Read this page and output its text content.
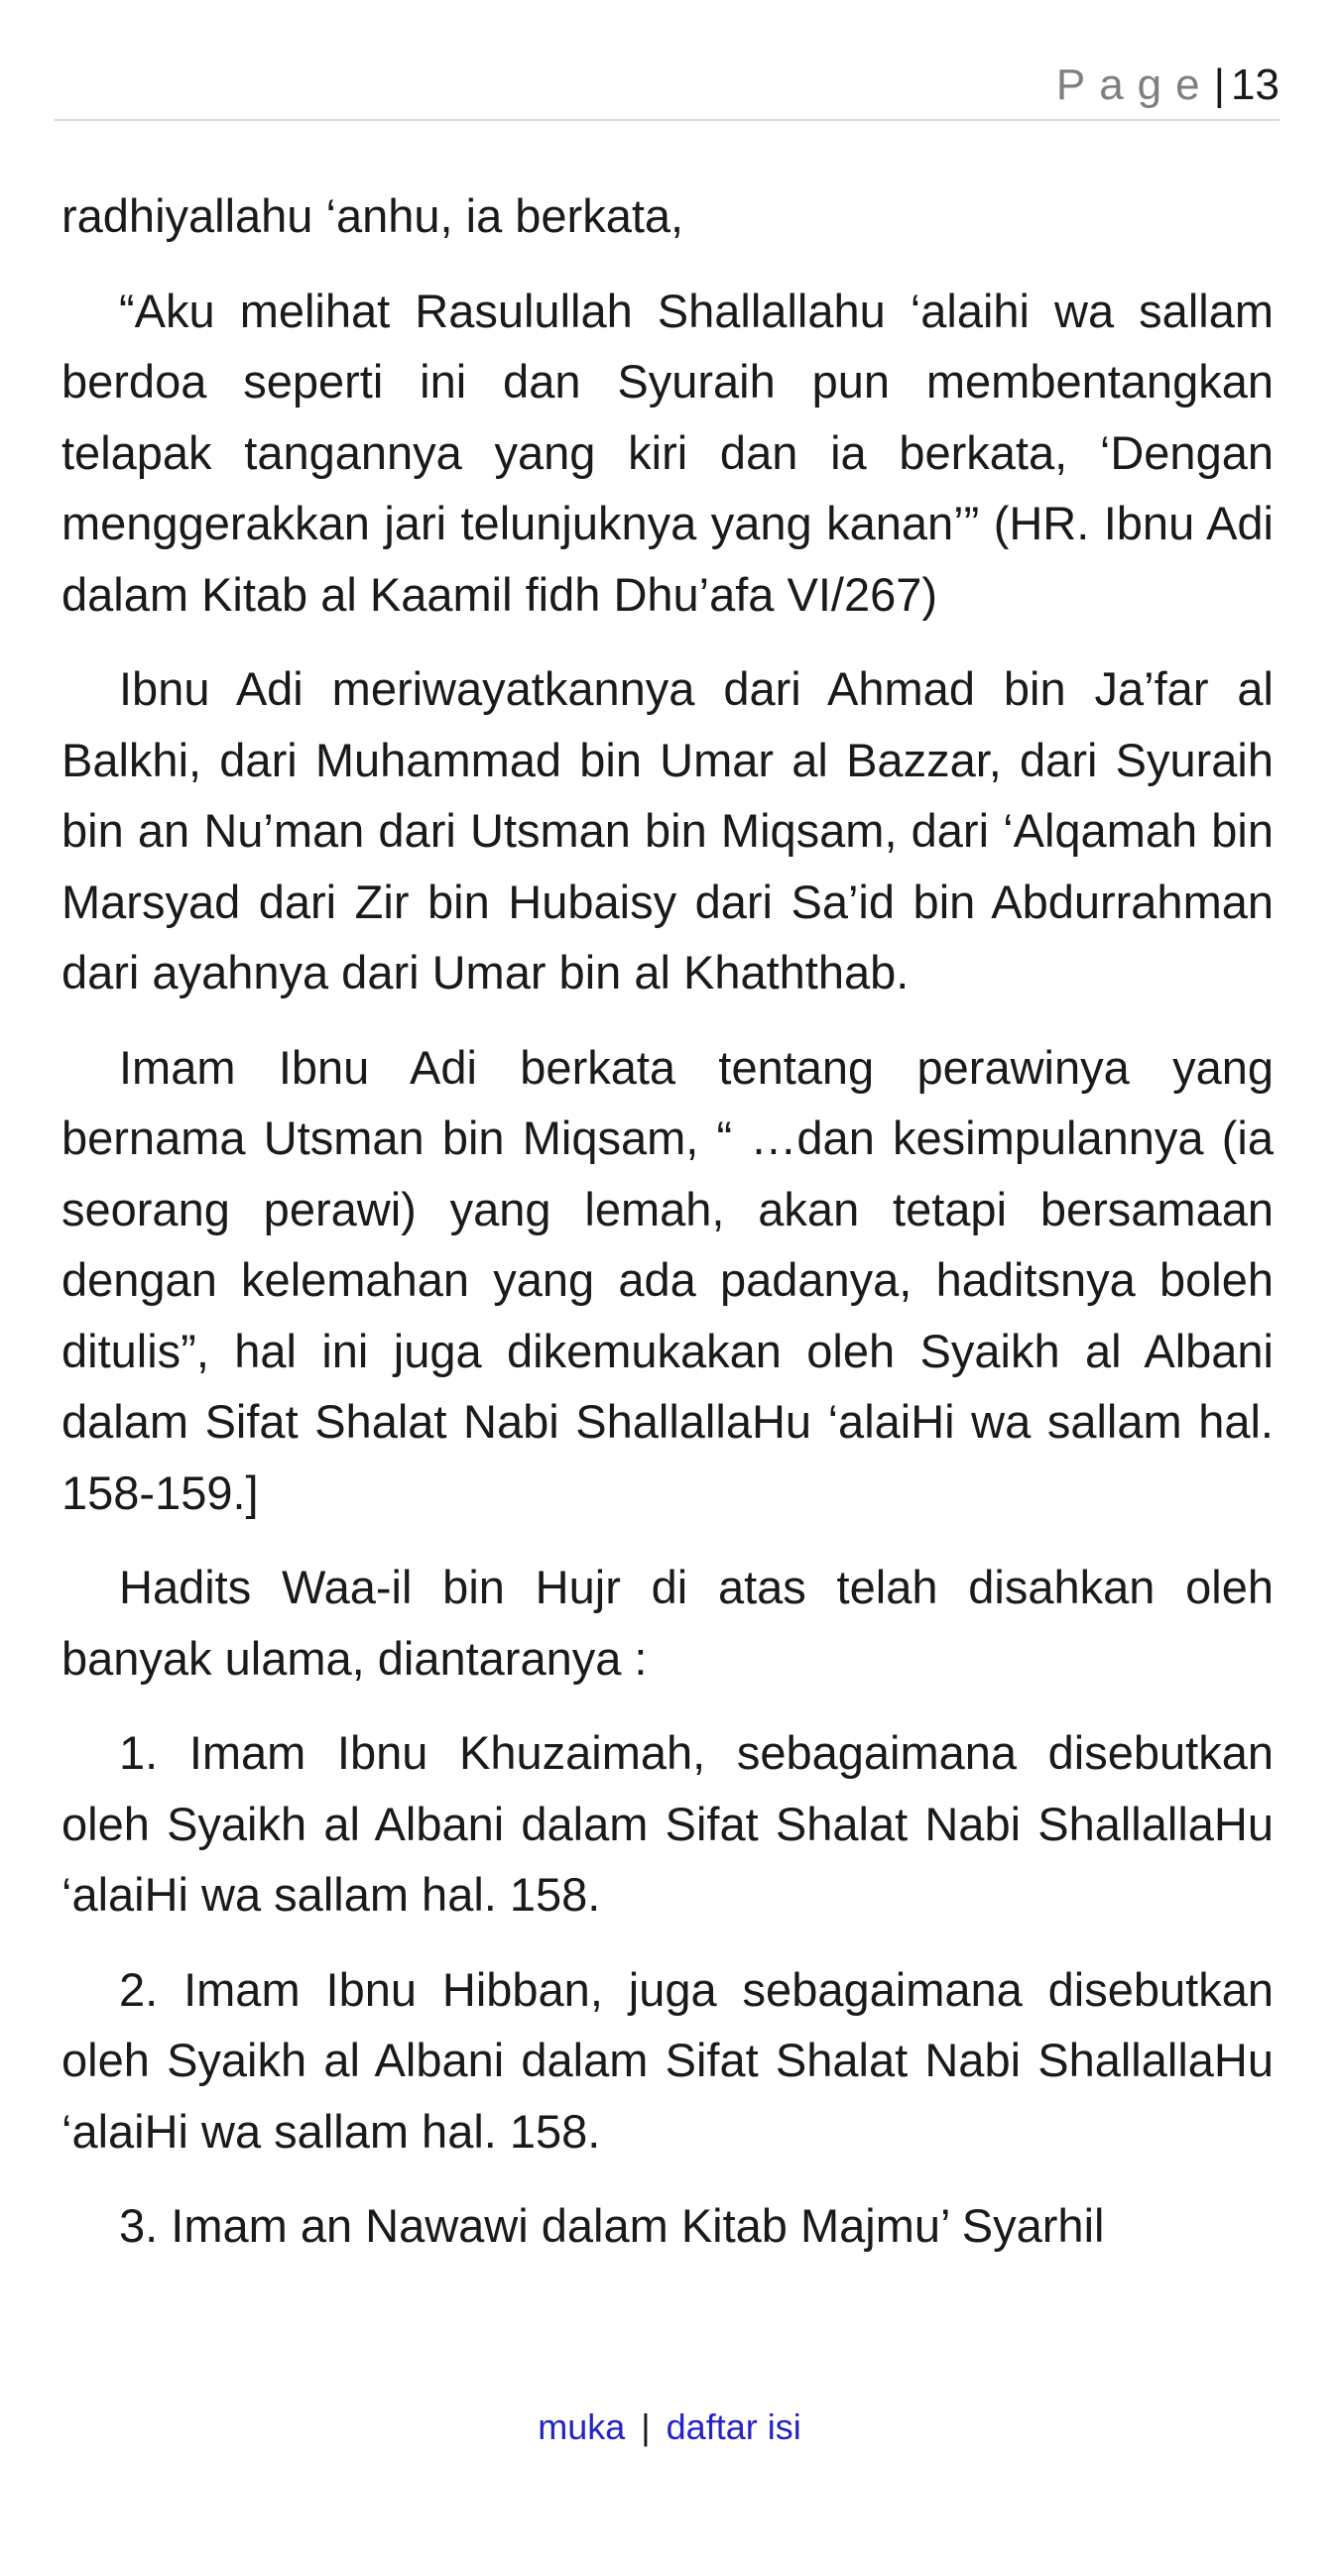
Page| 13

radhiyallahu ‘anhu, ia berkata,

“Aku melihat Rasulullah Shallallahu ‘alaihi wa sallam berdoa seperti ini dan Syuraih pun membentangkan telapak tangannya yang kiri dan ia berkata, ‘Dengan menggerakkan jari telunjuknya yang kanan’” (HR. Ibnu Adi dalam Kitab al Kaamil fidh Dhu’afa VI/267)

Ibnu Adi meriwayatkannya dari Ahmad bin Ja’far al Balkhi, dari Muhammad bin Umar al Bazzar, dari Syuraih bin an Nu’man dari Utsman bin Miqsam, dari ‘Alqamah bin Marsyad dari Zir bin Hubaisy dari Sa’id bin Abdurrahman dari ayahnya dari Umar bin al Khaththab.

Imam Ibnu Adi berkata tentang perawinya yang bernama Utsman bin Miqsam, “ …dan kesimpulannya (ia seorang perawi) yang lemah, akan tetapi bersamaan dengan kelemahan yang ada padanya, haditsnya boleh ditulis”, hal ini juga dikemukakan oleh Syaikh al Albani dalam Sifat Shalat Nabi ShallallaHu ‘alaiHi wa sallam hal. 158-159.]

Hadits Waa-il bin Hujr di atas telah disahkan oleh banyak ulama, diantaranya :

1. Imam Ibnu Khuzaimah, sebagaimana disebutkan oleh Syaikh al Albani dalam Sifat Shalat Nabi ShallallaHu ‘alaiHi wa sallam hal. 158.

2. Imam Ibnu Hibban, juga sebagaimana disebutkan oleh Syaikh al Albani dalam Sifat Shalat Nabi ShallallaHu ‘alaiHi wa sallam hal. 158.

3. Imam an Nawawi dalam Kitab Majmu’ Syarhil

muka | daftar isi
